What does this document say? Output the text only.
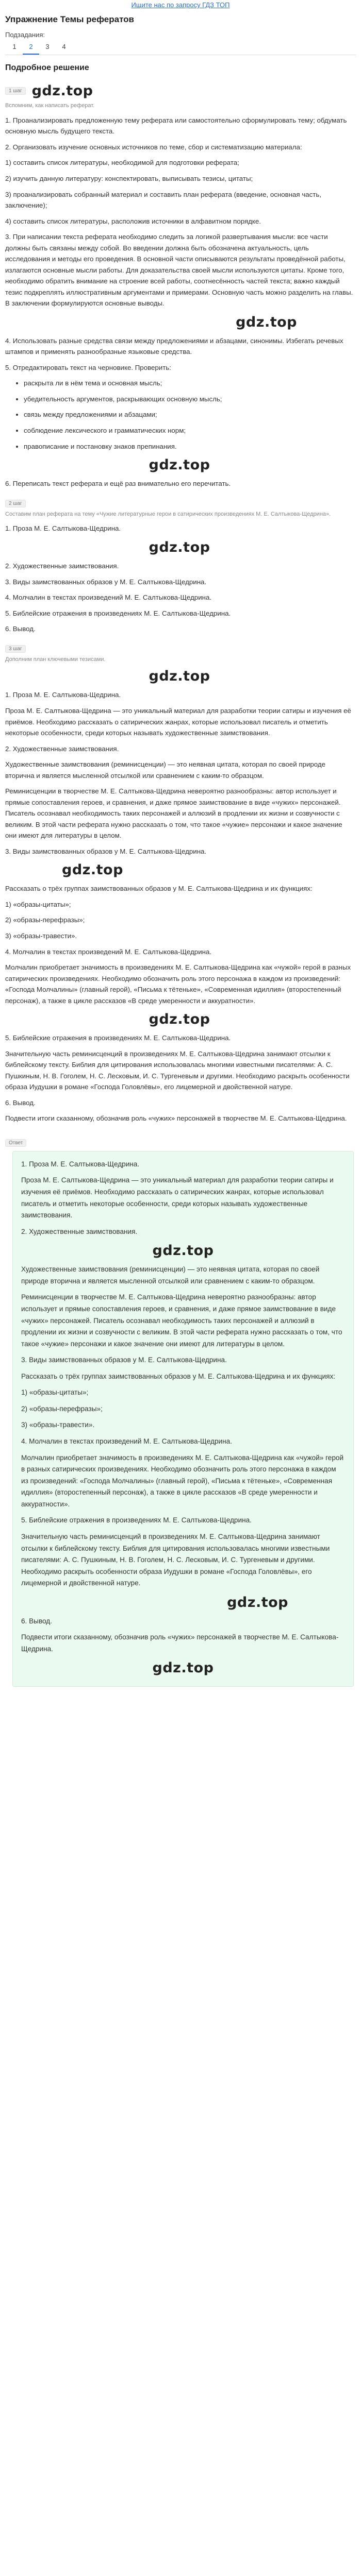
Ищите нас по запросу ГДЗ ТОП
Упражнение Темы рефератов
Подзадания:
1	2	3	4
Подробное решение
1 шаг gdz.top
Вспомним, как написать реферат.

1. Проанализировать предложенную тему реферата или самостоятельно сформулировать тему; обдумать основную мысль будущего текста.

2. Организовать изучение основных источников по теме, сбор и систематизацию материала:

1) составить список литературы, необходимой для подготовки реферата;

2) изучить данную литературу: конспектировать, выписывать тезисы, цитаты;

3) проанализировать собранный материал и составить план реферата (введение, основная часть, заключение);

4) составить список литературы, расположив источники в алфавитном порядке.

3. При написании текста реферата необходимо следить за логикой развертывания мысли: все части должны быть связаны между собой. Во введении должна быть обозначена актуальность, цель исследования и методы его проведения. В основной части описываются результаты проведённой работы, излагаются основные мысли работы. Для доказательства своей мысли используются цитаты. Кроме того, необходимо обратить внимание на строение всей работы, соотнесённость частей текста; важно каждый тезис подкреплять иллюстративным аргументами и примерами. Основную часть можно разделить на главы. В заключении формулируются основные выводы.

gdz.top

4. Использовать разные средства связи между предложениями и абзацами, синонимы. Избегать речевых штампов и применять разнообразные языковые средства.

5. Отредактировать текст на черновике. Проверить:

• раскрыта ли в нём тема и основная мысль;
• убедительность аргументов, раскрывающих основную мысль;
• связь между предложениями и абзацами;
• соблюдение лексического и грамматических норм;
• правописание и постановку знаков препинания.
gdz.top

6. Переписать текст реферата и ещё раз внимательно его перечитать.

2 шаг
Составим план реферата на тему «Чужие литературные герои в сатирических произведениях М. Е. Салтыкова-Щедрина».

1. Проза М. Е. Салтыкова-Щедрина.

gdz.top

2. Художественные заимствования.

3. Виды заимствованных образов у М. Е. Салтыкова-Щедрина.

4. Молчалин в текстах произведений М. Е. Салтыкова-Щедрина.

5. Библейские отражения в произведениях М. Е. Салтыкова-Щедрина.

6. Вывод.

3 шаг
Дополним план ключевыми тезисами.
gdz.top

1. Проза М. Е. Салтыкова-Щедрина.

Проза М. Е. Салтыкова-Щедрина — это уникальный материал для разработки теории сатиры и изучения её приёмов. Необходимо рассказать о сатирических жанрах, которые использовал писатель и отметить некоторые особенности, среди которых называть художественные заимствования.

2. Художественные заимствования.

Художественные заимствования (реминисценции) — это неявная цитата, которая по своей природе вторична и является мысленной отсылкой или сравнением с каким-то образцом.

Реминисценции в творчестве М. Е. Салтыкова-Щедрина невероятно разнообразны: автор использует и прямые сопоставления героев, и сравнения, и даже прямое заимствование в виде «чужих» персонажей. Писатель осознавал необходимость таких персонажей и аллюзий в продлении их жизни и созвучности с великим. В этой части реферата нужно рассказать о том, что такое «чужие» персонажи и какое значение они имеют для литературы в целом.

3. Виды заимствованных образов у М. Е. Салтыкова-Щедрина.

gdz.top

Рассказать о трёх группах заимствованных образов у М. Е. Салтыкова-Щедрина и их функциях:

1) «образы-цитаты»;

2) «образы-перефразы»;

3) «образы-травести».

4. Молчалин в текстах произведений М. Е. Салтыкова-Щедрина.

Молчалин приобретает значимость в произведениях М. Е. Салтыкова-Щедрина как «чужой» герой в разных сатирических произведениях. Необходимо обозначить роль этого персонажа в каждом из произведений: «Господа Молчалины» (главный герой), «Письма к тётеньке», «Современная идиллия» (второстепенный персонаж), а также в цикле рассказов «В среде умеренности и аккуратности».

gdz.top

5. Библейские отражения в произведениях М. Е. Салтыкова-Щедрина.

Значительную часть реминисценций в произведениях М. Е. Салтыкова-Щедрина занимают отсылки к библейскому тексту. Библия для цитирования использовалась многими известными писателями: А. С. Пушкиным, Н. В. Гоголем, Н. С. Лесковым, И. С. Тургеневым и другими. Необходимо раскрыть особенности образа Иудушки в романе «Господа Головлёвы», его лицемерной и двойственной натуре.

6. Вывод.

Подвести итоги сказанному, обозначив роль «чужих» персонажей в творчестве М. Е. Салтыкова-Щедрина.

Ответ

1. Проза М. Е. Салтыкова-Щедрина.

Проза М. Е. Салтыкова-Щедрина — это уникальный материал для разработки теории сатиры и изучения её приёмов. Необходимо рассказать о сатирических жанрах, которые использовал писатель и отметить некоторые особенности, среди которых называть художественные заимствования.

2. Художественные заимствования.

gdz.top

Художественные заимствования (реминисценции) — это неявная цитата, которая по своей природе вторична и является мысленной отсылкой или сравнением с каким-то образцом.

Реминисценции в творчестве М. Е. Салтыкова-Щедрина невероятно разнообразны: автор использует и прямые сопоставления героев, и сравнения, и даже прямое заимствование в виде «чужих» персонажей. Писатель осознавал необходимость таких персонажей и аллюзий в продлении их жизни и созвучности с великим. В этой части реферата нужно рассказать о том, что такое «чужие» персонажи и какое значение они имеют для литературы в целом.

3. Виды заимствованных образов у М. Е. Салтыкова-Щедрина.

Рассказать о трёх группах заимствованных образов у М. Е. Салтыкова-Щедрина и их функциях:

1) «образы-цитаты»;

2) «образы-перефразы»;

3) «образы-травести».

4. Молчалин в текстах произведений М. Е. Салтыкова-Щедрина.

Молчалин приобретает значимость в произведениях М. Е. Салтыкова-Щедрина как «чужой» герой в разных сатирических произведениях. Необходимо обозначить роль этого персонажа в каждом из произведений: «Господа Молчалины» (главный герой), «Письма к тётеньке», «Современная идиллия» (второстепенный персонаж), а также в цикле рассказов «В среде умеренности и аккуратности».

5. Библейские отражения в произведениях М. Е. Салтыкова-Щедрина.

Значительную часть реминисценций в произведениях М. Е. Салтыкова-Щедрина занимают отсылки к библейскому тексту. Библия для цитирования использовалась многими известными писателями: А. С. Пушкиным, Н. В. Гоголем, Н. С. Лесковым, И. С. Тургеневым и другими. Необходимо раскрыть особенности образа Иудушки в романе «Господа Головлёвы», его лицемерной и двойственной натуре.

gdz.top

6. Вывод.

Подвести итоги сказанному, обозначив роль «чужих» персонажей в творчестве М. Е. Салтыкова-Щедрина.

gdz.top
